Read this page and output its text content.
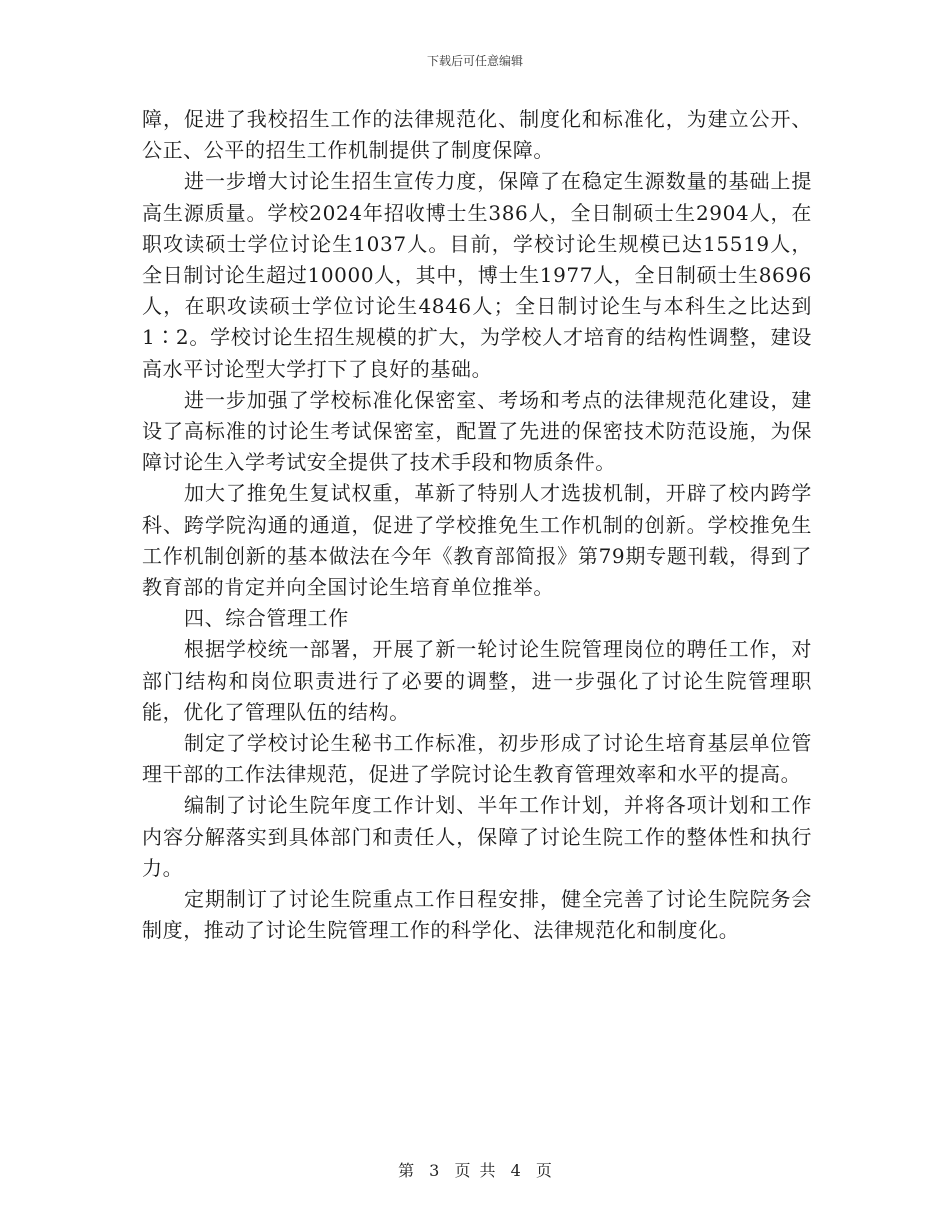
下载后可任意编辑

障，促进了我校招生工作的法律规范化、制度化和标准化，为建立公开、公正、公平的招生工作机制提供了制度保障。

进一步增大讨论生招生宣传力度，保障了在稳定生源数量的基础上提高生源质量。学校2024年招收博士生386人，全日制硕士生2904人，在职攻读硕士学位讨论生1037人。目前，学校讨论生规模已达15519人，全日制讨论生超过10000人，其中，博士生1977人，全日制硕士生8696人，在职攻读硕士学位讨论生4846人；全日制讨论生与本科生之比达到1∶2。学校讨论生招生规模的扩大，为学校人才培育的结构性调整，建设高水平讨论型大学打下了良好的基础。

进一步加强了学校标准化保密室、考场和考点的法律规范化建设，建设了高标准的讨论生考试保密室，配置了先进的保密技术防范设施，为保障讨论生入学考试安全提供了技术手段和物质条件。

加大了推免生复试权重，革新了特别人才选拔机制，开辟了校内跨学科、跨学院沟通的通道，促进了学校推免生工作机制的创新。学校推免生工作机制创新的基本做法在今年《教育部简报》第79期专题刊载，得到了教育部的肯定并向全国讨论生培育单位推举。

四、综合管理工作

根据学校统一部署，开展了新一轮讨论生院管理岗位的聘任工作，对部门结构和岗位职责进行了必要的调整，进一步强化了讨论生院管理职能，优化了管理队伍的结构。

制定了学校讨论生秘书工作标准，初步形成了讨论生培育基层单位管理干部的工作法律规范，促进了学院讨论生教育管理效率和水平的提高。

编制了讨论生院年度工作计划、半年工作计划，并将各项计划和工作内容分解落实到具体部门和责任人，保障了讨论生院工作的整体性和执行力。

定期制订了讨论生院重点工作日程安排，健全完善了讨论生院院务会制度，推动了讨论生院管理工作的科学化、法律规范化和制度化。

第 3 页 共 4 页
